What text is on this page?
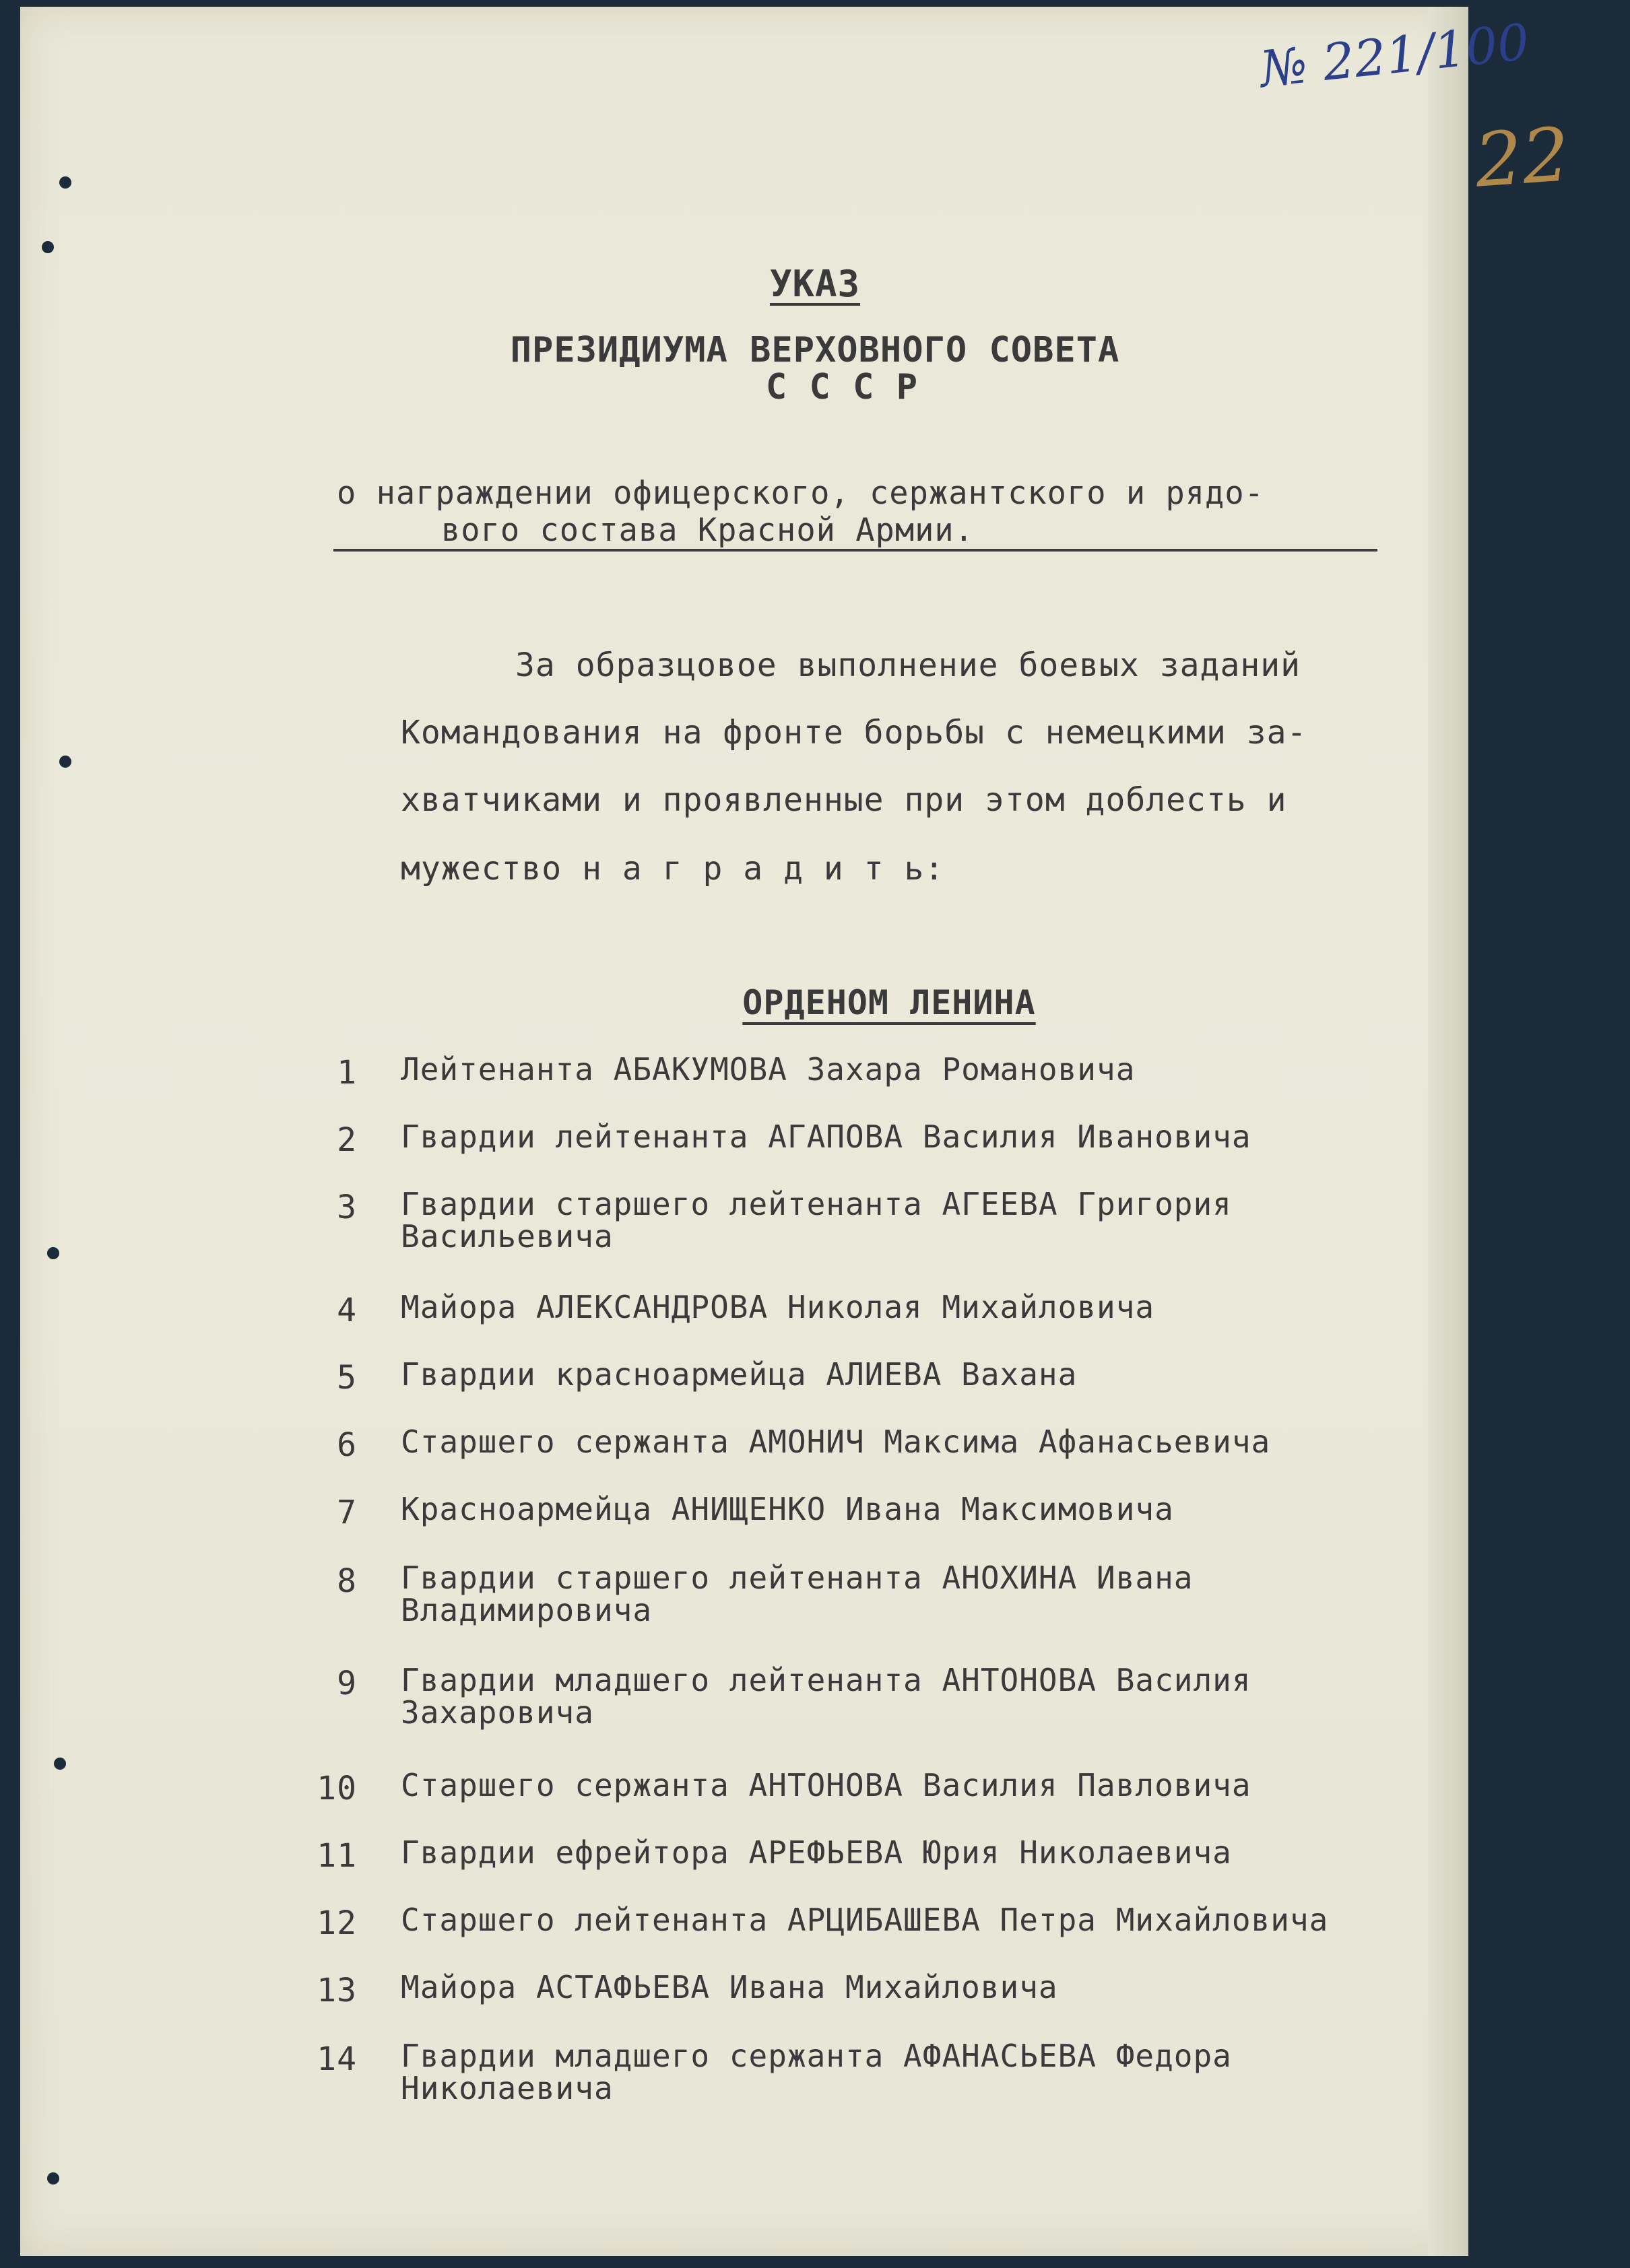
№ 221/100
22
УКАЗ
ПРЕЗИДИУМА ВЕРХОВНОГО СОВЕТА
С С С Р
о награждении офицерского, сержантского и рядо-
вого состава Красной Армии.
За образцовое выполнение боевых заданий
Командования на фронте борьбы с немецкими за-
хватчиками и проявленные при этом доблесть и
мужество н а г р а д и т ь:
ОРДЕНОМ ЛЕНИНА
1 Лейтенанта АБАКУМОВА Захара Романовича
2 Гвардии лейтенанта АГАПОВА Василия Ивановича
3 Гвардии старшего лейтенанта АГЕЕВА Григория
Васильевича
4 Майора АЛЕКСАНДРОВА Николая Михайловича
5 Гвардии красноармейца АЛИЕВА Вахана
6 Старшего сержанта АМОНИЧ Максима Афанасьевича
7 Красноармейца АНИЩЕНКО Ивана Максимовича
8 Гвардии старшего лейтенанта АНОХИНА Ивана
Владимировича
9 Гвардии младшего лейтенанта АНТОНОВА Василия
Захаровича
10 Старшего сержанта АНТОНОВА Василия Павловича
11 Гвардии ефрейтора АРЕФЬЕВА Юрия Николаевича
12 Старшего лейтенанта АРЦИБАШЕВА Петра Михайловича
13 Майора АСТАФЬЕВА Ивана Михайловича
14 Гвардии младшего сержанта АФАНАСЬЕВА Федора
Николаевича
